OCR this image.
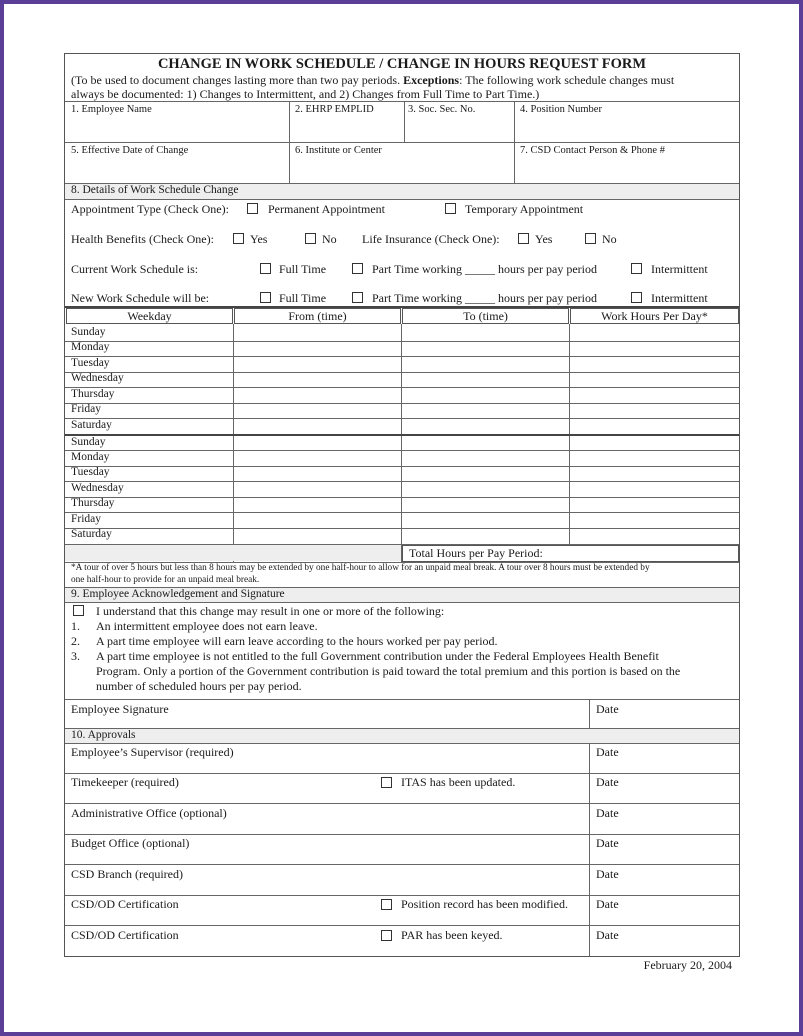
CHANGE IN WORK SCHEDULE / CHANGE IN HOURS REQUEST FORM
(To be used to document changes lasting more than two pay periods. Exceptions: The following work schedule changes must
always be documented: 1) Changes to Intermittent, and 2) Changes from Full Time to Part Time.)
1. Employee Name	2. EHRP EMPLID	3. Soc. Sec. No.	4. Position Number
5. Effective Date of Change	6. Institute or Center	7. CSD Contact Person & Phone #
8. Details of Work Schedule Change
Appointment Type (Check One):	Permanent Appointment	Temporary Appointment
Health Benefits (Check One):	Yes	No Life Insurance (Check One):	Yes	No
Current Work Schedule is:	Full Time	Part Time working _____ hours per pay period	Intermittent
New Work Schedule will be:	Full Time	Part Time working _____ hours per pay period	Intermittent
Weekday	From (time)	To (time)	Work Hours Per Day*
Sunday
Monday
Tuesday
Wednesday
Thursday
Friday
Saturday
Sunday
Monday
Tuesday
Wednesday
Thursday
Friday
Saturday
Total Hours per Pay Period:
*A tour of over 5 hours but less than 8 hours may be extended by one half-hour to allow for an unpaid meal break. A tour over 8 hours must be extended by
one half-hour to provide for an unpaid meal break.
9. Employee Acknowledgement and Signature
I understand that this change may result in one or more of the following:
1. An intermittent employee does not earn leave.
2. A part time employee will earn leave according to the hours worked per pay period.
3. A part time employee is not entitled to the full Government contribution under the Federal Employees Health Benefit
Program. Only a portion of the Government contribution is paid toward the total premium and this portion is based on the
number of scheduled hours per pay period.
Employee Signature	Date
10. Approvals
Employee’s Supervisor (required)	Date
Timekeeper (required)	ITAS has been updated.	Date
Administrative Office (optional)	Date
Budget Office (optional)	Date
CSD Branch (required)	Date
CSD/OD Certification	Position record has been modified. Date
CSD/OD Certification	PAR has been keyed.	Date
February 20, 2004
